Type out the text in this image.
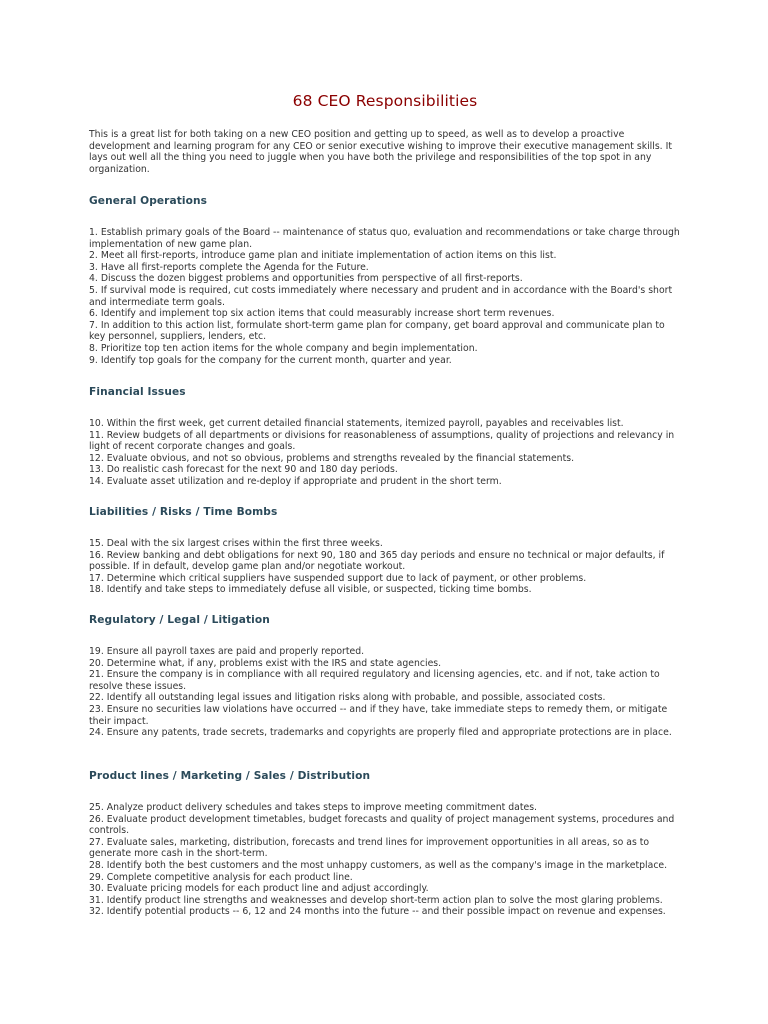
68 CEO Responsibilities

This is a great list for both taking on a new CEO position and getting up to speed, as well as to develop a proactive development and learning program for any CEO or senior executive wishing to improve their executive management skills. It lays out well all the thing you need to juggle when you have both the privilege and responsibilities of the top spot in any organization.

General Operations
1. Establish primary goals of the Board -- maintenance of status quo, evaluation and recommendations or take charge through implementation of new game plan.
2. Meet all first-reports, introduce game plan and initiate implementation of action items on this list.
3. Have all first-reports complete the Agenda for the Future.
4. Discuss the dozen biggest problems and opportunities from perspective of all first-reports.
5. If survival mode is required, cut costs immediately where necessary and prudent and in accordance with the Board's short and intermediate term goals.
6. Identify and implement top six action items that could measurably increase short term revenues.
7. In addition to this action list, formulate short-term game plan for company, get board approval and communicate plan to key personnel, suppliers, lenders, etc.
8. Prioritize top ten action items for the whole company and begin implementation.
9. Identify top goals for the company for the current month, quarter and year.
Financial Issues
10. Within the first week, get current detailed financial statements, itemized payroll, payables and receivables list.
11. Review budgets of all departments or divisions for reasonableness of assumptions, quality of projections and relevancy in light of recent corporate changes and goals.
12. Evaluate obvious, and not so obvious, problems and strengths revealed by the financial statements.
13. Do realistic cash forecast for the next 90 and 180 day periods.
14. Evaluate asset utilization and re-deploy if appropriate and prudent in the short term.
Liabilities / Risks / Time Bombs
15. Deal with the six largest crises within the first three weeks.
16. Review banking and debt obligations for next 90, 180 and 365 day periods and ensure no technical or major defaults, if possible. If in default, develop game plan and/or negotiate workout.
17. Determine which critical suppliers have suspended support due to lack of payment, or other problems.
18. Identify and take steps to immediately defuse all visible, or suspected, ticking time bombs.
Regulatory / Legal / Litigation
19. Ensure all payroll taxes are paid and properly reported.
20. Determine what, if any, problems exist with the IRS and state agencies.
21. Ensure the company is in compliance with all required regulatory and licensing agencies, etc. and if not, take action to resolve these issues.
22. Identify all outstanding legal issues and litigation risks along with probable, and possible, associated costs.
23. Ensure no securities law violations have occurred -- and if they have, take immediate steps to remedy them, or mitigate their impact.
24. Ensure any patents, trade secrets, trademarks and copyrights are properly filed and appropriate protections are in place.
Product lines / Marketing / Sales / Distribution
25. Analyze product delivery schedules and takes steps to improve meeting commitment dates.
26. Evaluate product development timetables, budget forecasts and quality of project management systems, procedures and controls.
27. Evaluate sales, marketing, distribution, forecasts and trend lines for improvement opportunities in all areas, so as to generate more cash in the short-term.
28. Identify both the best customers and the most unhappy customers, as well as the company's image in the marketplace.
29. Complete competitive analysis for each product line.
30. Evaluate pricing models for each product line and adjust accordingly.
31. Identify product line strengths and weaknesses and develop short-term action plan to solve the most glaring problems.
32. Identify potential products -- 6, 12 and 24 months into the future -- and their possible impact on revenue and expenses.
